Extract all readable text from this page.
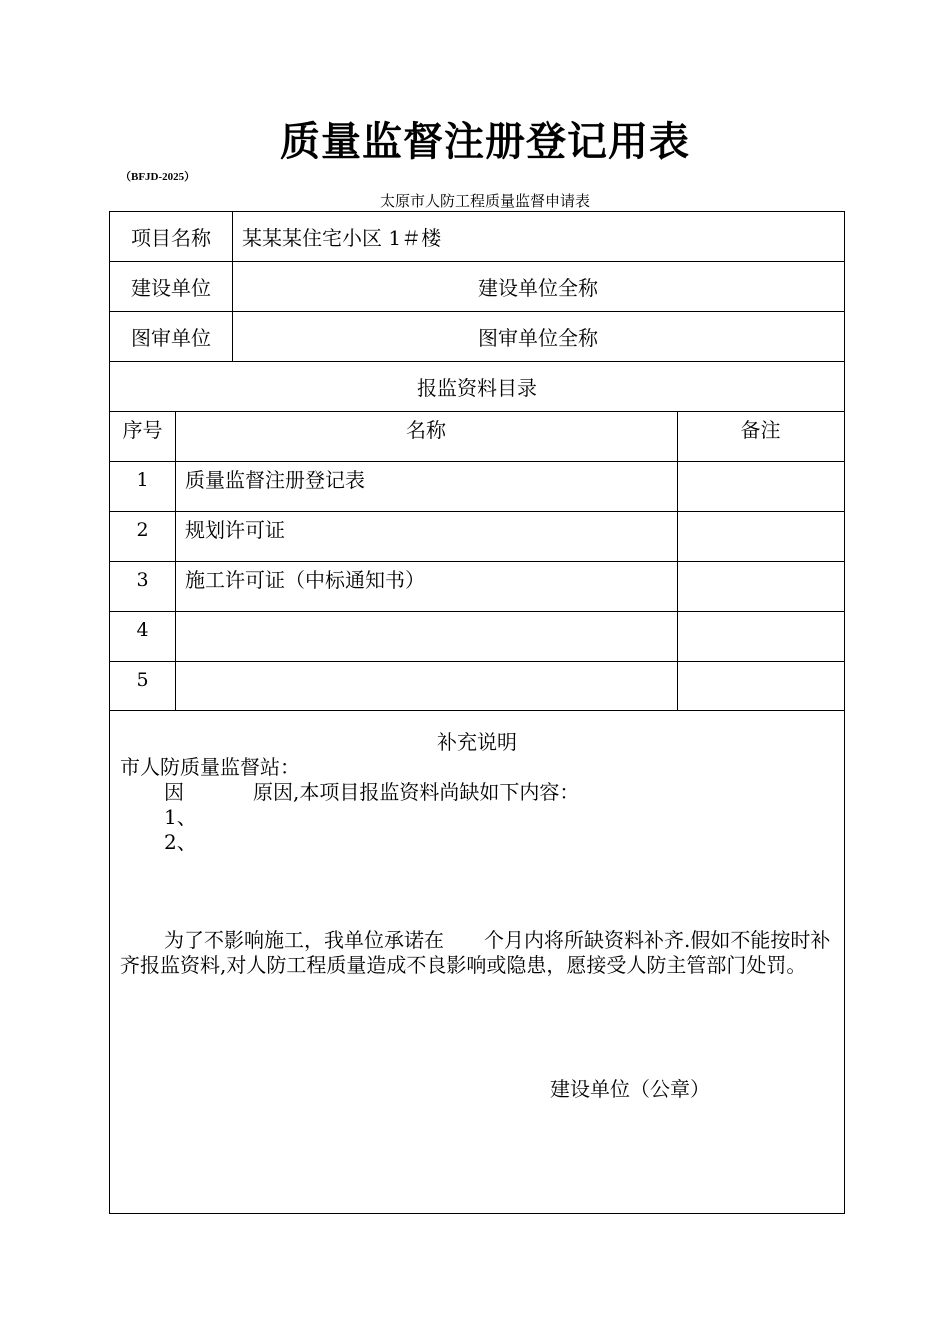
质量监督注册登记用表
（BFJD-2025）
太原市人防工程质量监督申请表
项目名称	某某某住宅小区 1＃楼
建设单位	建设单位全称
图审单位	图审单位全称
报监资料目录
序号	名称	备注
1	质量监督注册登记表
2	规划许可证
3	施工许可证（中标通知书）
4
5
补充说明
市人防质量监督站：
因	原因,本项目报监资料尚缺如下内容：
1、
2、
为了不影响施工，我单位承诺在　　个月内将所缺资料补齐.假如不能按时补齐报监资料,对人防工程质量造成不良影响或隐患，愿接受人防主管部门处罚。
建设单位（公章）
